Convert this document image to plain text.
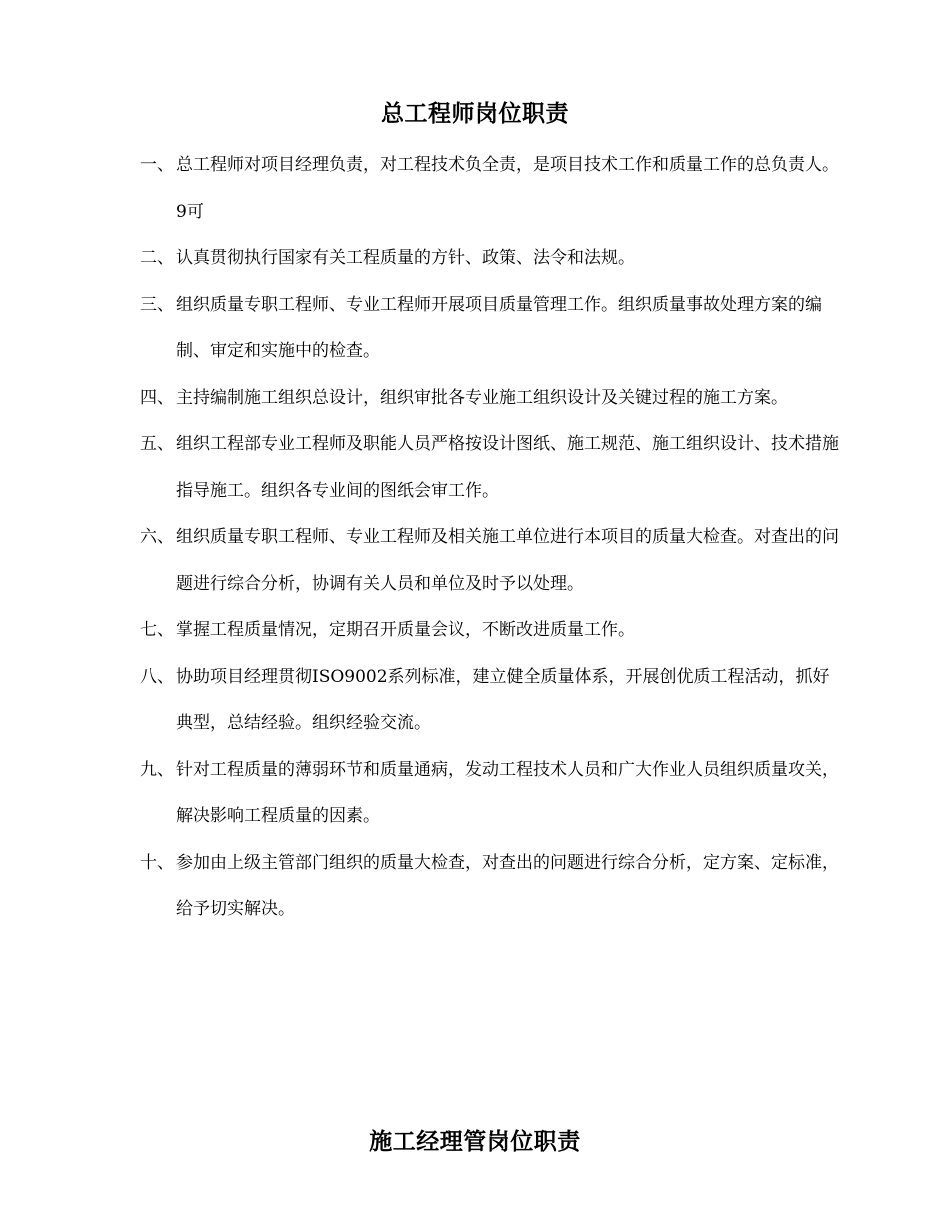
总工程师岗位职责
一、 总工程师对项目经理负责，对工程技术负全责，是项目技术工作和质量工作的总负责人。9可
二、 认真贯彻执行国家有关工程质量的方针、政策、法令和法规。
三、 组织质量专职工程师、专业工程师开展项目质量管理工作。组织质量事故处理方案的编制、审定和实施中的检查。
四、 主持编制施工组织总设计，组织审批各专业施工组织设计及关键过程的施工方案。
五、 组织工程部专业工程师及职能人员严格按设计图纸、施工规范、施工组织设计、技术措施指导施工。组织各专业间的图纸会审工作。
六、 组织质量专职工程师、专业工程师及相关施工单位进行本项目的质量大检查。对查出的问题进行综合分析，协调有关人员和单位及时予以处理。
七、 掌握工程质量情况，定期召开质量会议，不断改进质量工作。
八、 协助项目经理贯彻ISO9002系列标准，建立健全质量体系，开展创优质工程活动，抓好典型，总结经验。组织经验交流。
九、 针对工程质量的薄弱环节和质量通病，发动工程技术人员和广大作业人员组织质量攻关，解决影响工程质量的因素。
十、 参加由上级主管部门组织的质量大检查，对查出的问题进行综合分析，定方案、定标准，给予切实解决。
施工经理管岗位职责
